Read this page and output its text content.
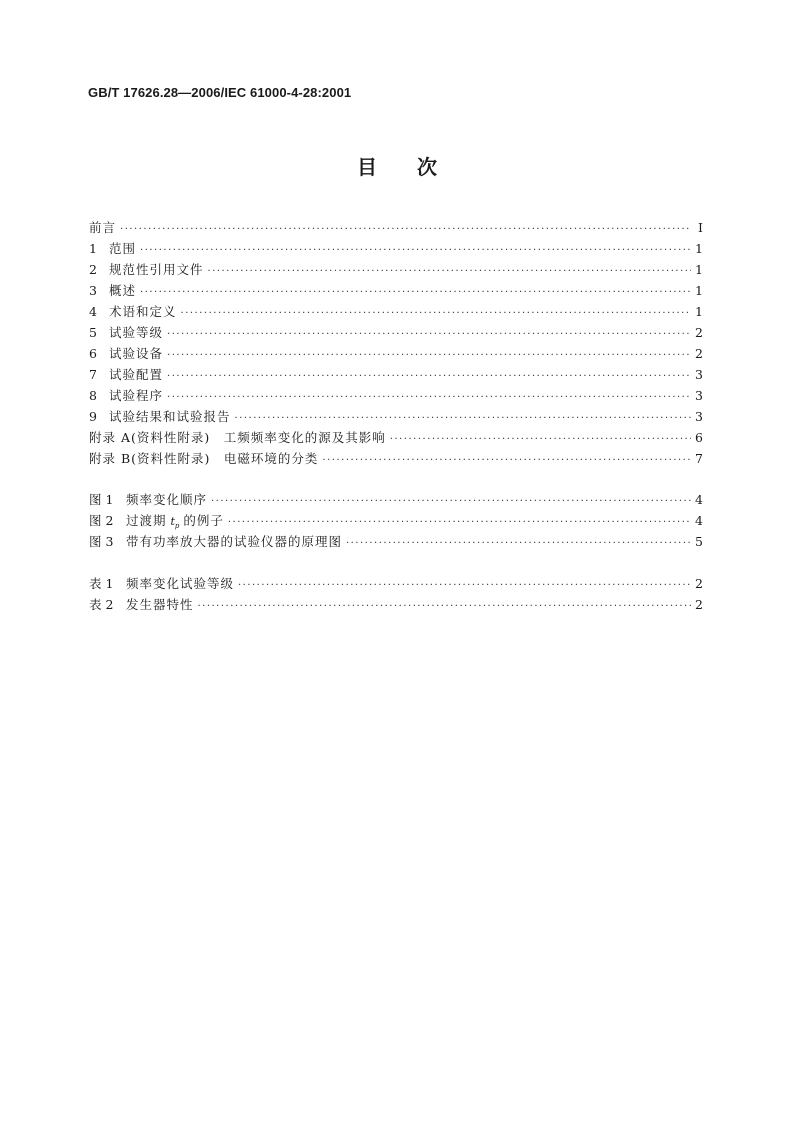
GB/T 17626.28—2006/IEC 61000-4-28:2001
目次
前言 ·····	I
1 范围 ·····	1
2 规范性引用文件 ·····	1
3 概述 ·····	1
4 术语和定义 ·····	1
5 试验等级 ·····	2
6 试验设备 ·····	2
7 试验配置 ·····	3
8 试验程序 ·····	3
9 试验结果和试验报告 ·····	3
附录 A(资料性附录)　工频频率变化的源及其影响 ·····	6
附录 B(资料性附录)　电磁环境的分类 ·····	7
图 1　 频率变化顺序 ·····	4
图 2　 过渡期 $t_p$ 的例子 ·····	4
图 3　 带有功率放大器的试验仪器的原理图 ·····	5
表 1　 频率变化试验等级 ·····	2
表 2　 发生器特性 ·····	2
